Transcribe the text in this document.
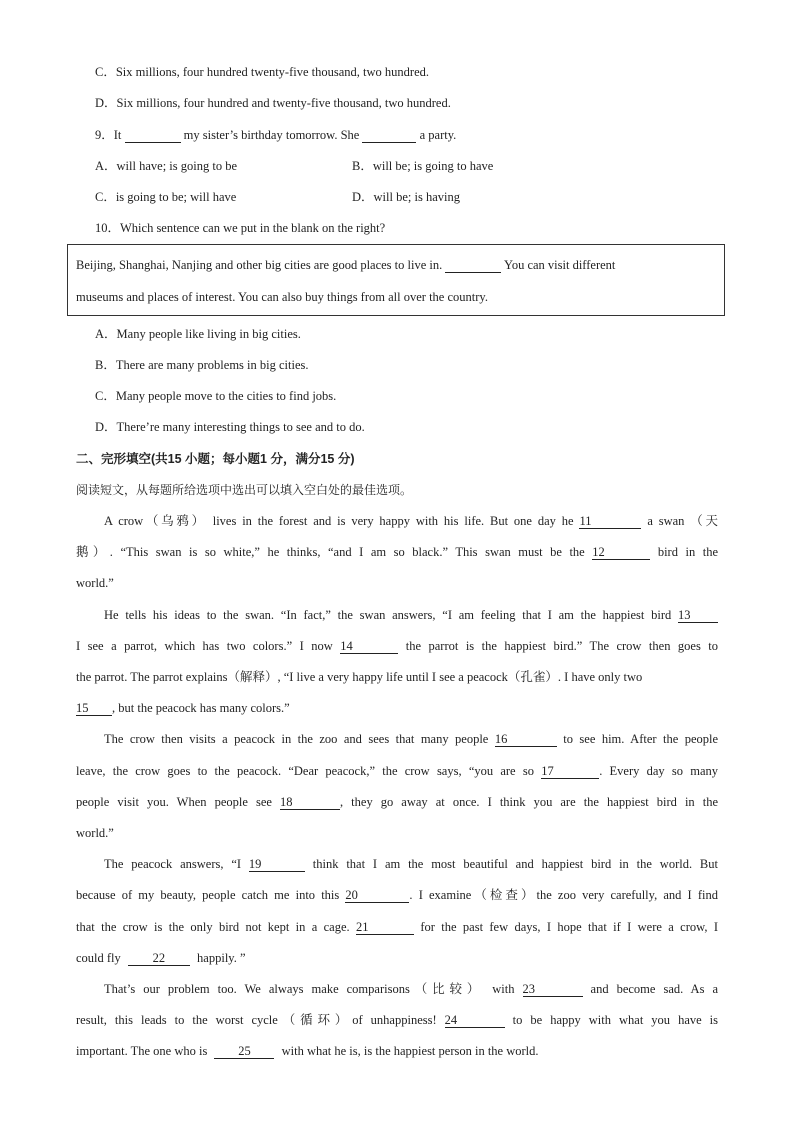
C．Six millions, four hundred twenty-five thousand, two hundred.
D．Six millions, four hundred and twenty-five thousand, two hundred.
9．It	my sister’s birthday tomorrow. She	a party.
A．will have; is going to be	B．will be; is going to have
C．is going to be; will have	D．will be; is having
10．Which sentence can we put in the blank on the right?
Beijing, Shanghai, Nanjing and other big cities are good places to live in.	You can visit different
museums and places of interest. You can also buy things from all over the country.
A．Many people like living in big cities.
B．There are many problems in big cities.
C．Many people move to the cities to find jobs.
D．There’re many interesting things to see and to do.
二、完形填空(共15 小题；每小题1 分，满分15 分)
阅读短文，从每题所给选项中选出可以填入空白处的最佳选项。
A crow（乌鸦） lives in the forest and is very happy with his life. But one day he 11	a swan （天
鹅）. “This swan is so white,” he thinks, “and I am so black.” This swan must be the 12	bird in the
world.”
He tells his ideas to the swan. “In fact,” the swan answers, “I am feeling that I am the happiest bird 13
I see a parrot, which has two colors.” I now 14	the parrot is the happiest bird.” The crow then goes to
the parrot. The parrot explains（解释）, “I live a very happy life until I see a peacock（孔雀）. I have only two
15 , but the peacock has many colors.”
The crow then visits a peacock in the zoo and sees that many people 16	to see him. After the people
leave, the crow goes to the peacock. “Dear peacock,” the crow says, “you are so 17	. Every day so many
people visit you. When people see 18	, they go away at once. I think you are the happiest bird in the
world.”
The peacock answers, “I 19	think that I am the most beautiful and happiest bird in the world. But
because of my beauty, people catch me into this 20	. I examine（检查）the zoo very carefully, and I find
that the crow is the only bird not kept in a cage. 21	for the past few days, I hope that if I were a crow, I
could fly	22	happily. ”
That’s our problem too. We always make comparisons（比较） with 23	and become sad. As a
result, this leads to the worst cycle（循环）of unhappiness! 24	to be happy with what you have is
important. The one who is 25 with what he is, is the happiest person in the world.
